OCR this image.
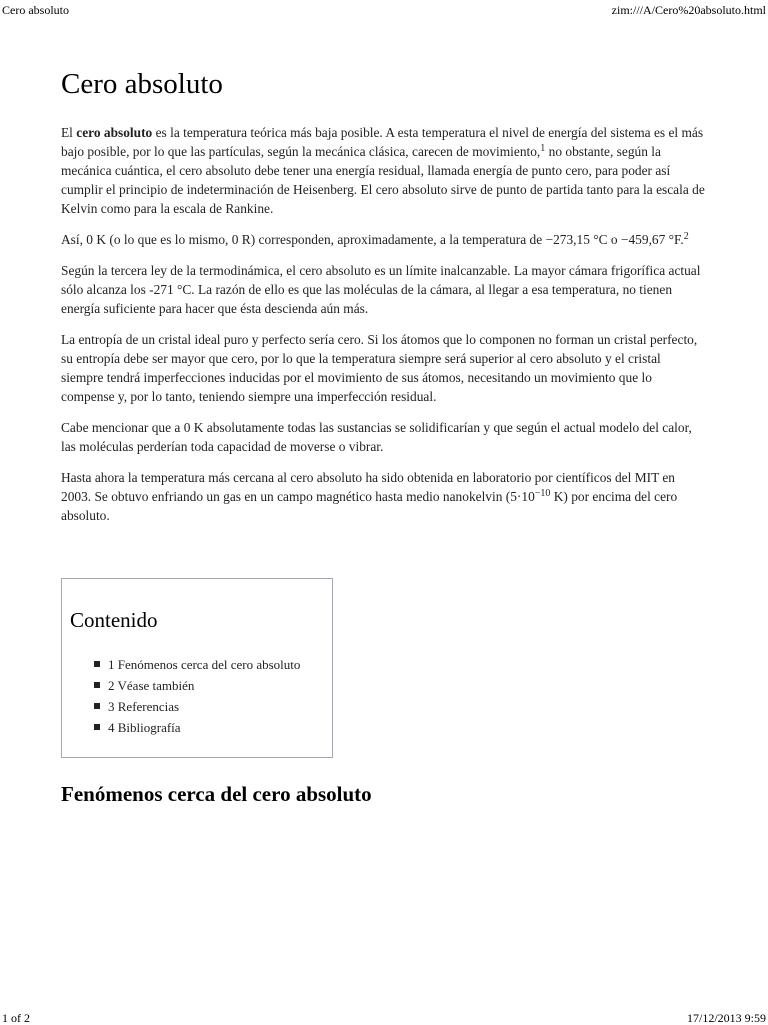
Cero absoluto	zim:///A/Cero%20absoluto.html
Cero absoluto

El cero absoluto es la temperatura teórica más baja posible. A esta temperatura el nivel de energía del sistema es el más bajo posible, por lo que las partículas, según la mecánica clásica, carecen de movimiento,$^1$ no obstante, según la mecánica cuántica, el cero absoluto debe tener una energía residual, llamada energía de punto cero, para poder así cumplir el principio de indeterminación de Heisenberg. El cero absoluto sirve de punto de partida tanto para la escala de Kelvin como para la escala de Rankine.

Así, 0 K (o lo que es lo mismo, 0 R) corresponden, aproximadamente, a la temperatura de −273,15 °C o −459,67 °F.$^2$

Según la tercera ley de la termodinámica, el cero absoluto es un límite inalcanzable. La mayor cámara frigorífica actual sólo alcanza los -271 °C. La razón de ello es que las moléculas de la cámara, al llegar a esa temperatura, no tienen energía suficiente para hacer que ésta descienda aún más.

La entropía de un cristal ideal puro y perfecto sería cero. Si los átomos que lo componen no forman un cristal perfecto, su entropía debe ser mayor que cero, por lo que la temperatura siempre será superior al cero absoluto y el cristal siempre tendrá imperfecciones inducidas por el movimiento de sus átomos, necesitando un movimiento que lo compense y, por lo tanto, teniendo siempre una imperfección residual.

Cabe mencionar que a 0 K absolutamente todas las sustancias se solidificarían y que según el actual modelo del calor, las moléculas perderían toda capacidad de moverse o vibrar.

Hasta ahora la temperatura más cercana al cero absoluto ha sido obtenida en laboratorio por científicos del MIT en 2003. Se obtuvo enfriando un gas en un campo magnético hasta medio nanokelvin ($5\cdot 10^{-10}$ K) por encima del cero absoluto.

Contenido
1 Fenómenos cerca del cero absoluto
2 Véase también
3 Referencias
4 Bibliografía
Fenómenos cerca del cero absoluto
1 of 2	17/12/2013 9:59
